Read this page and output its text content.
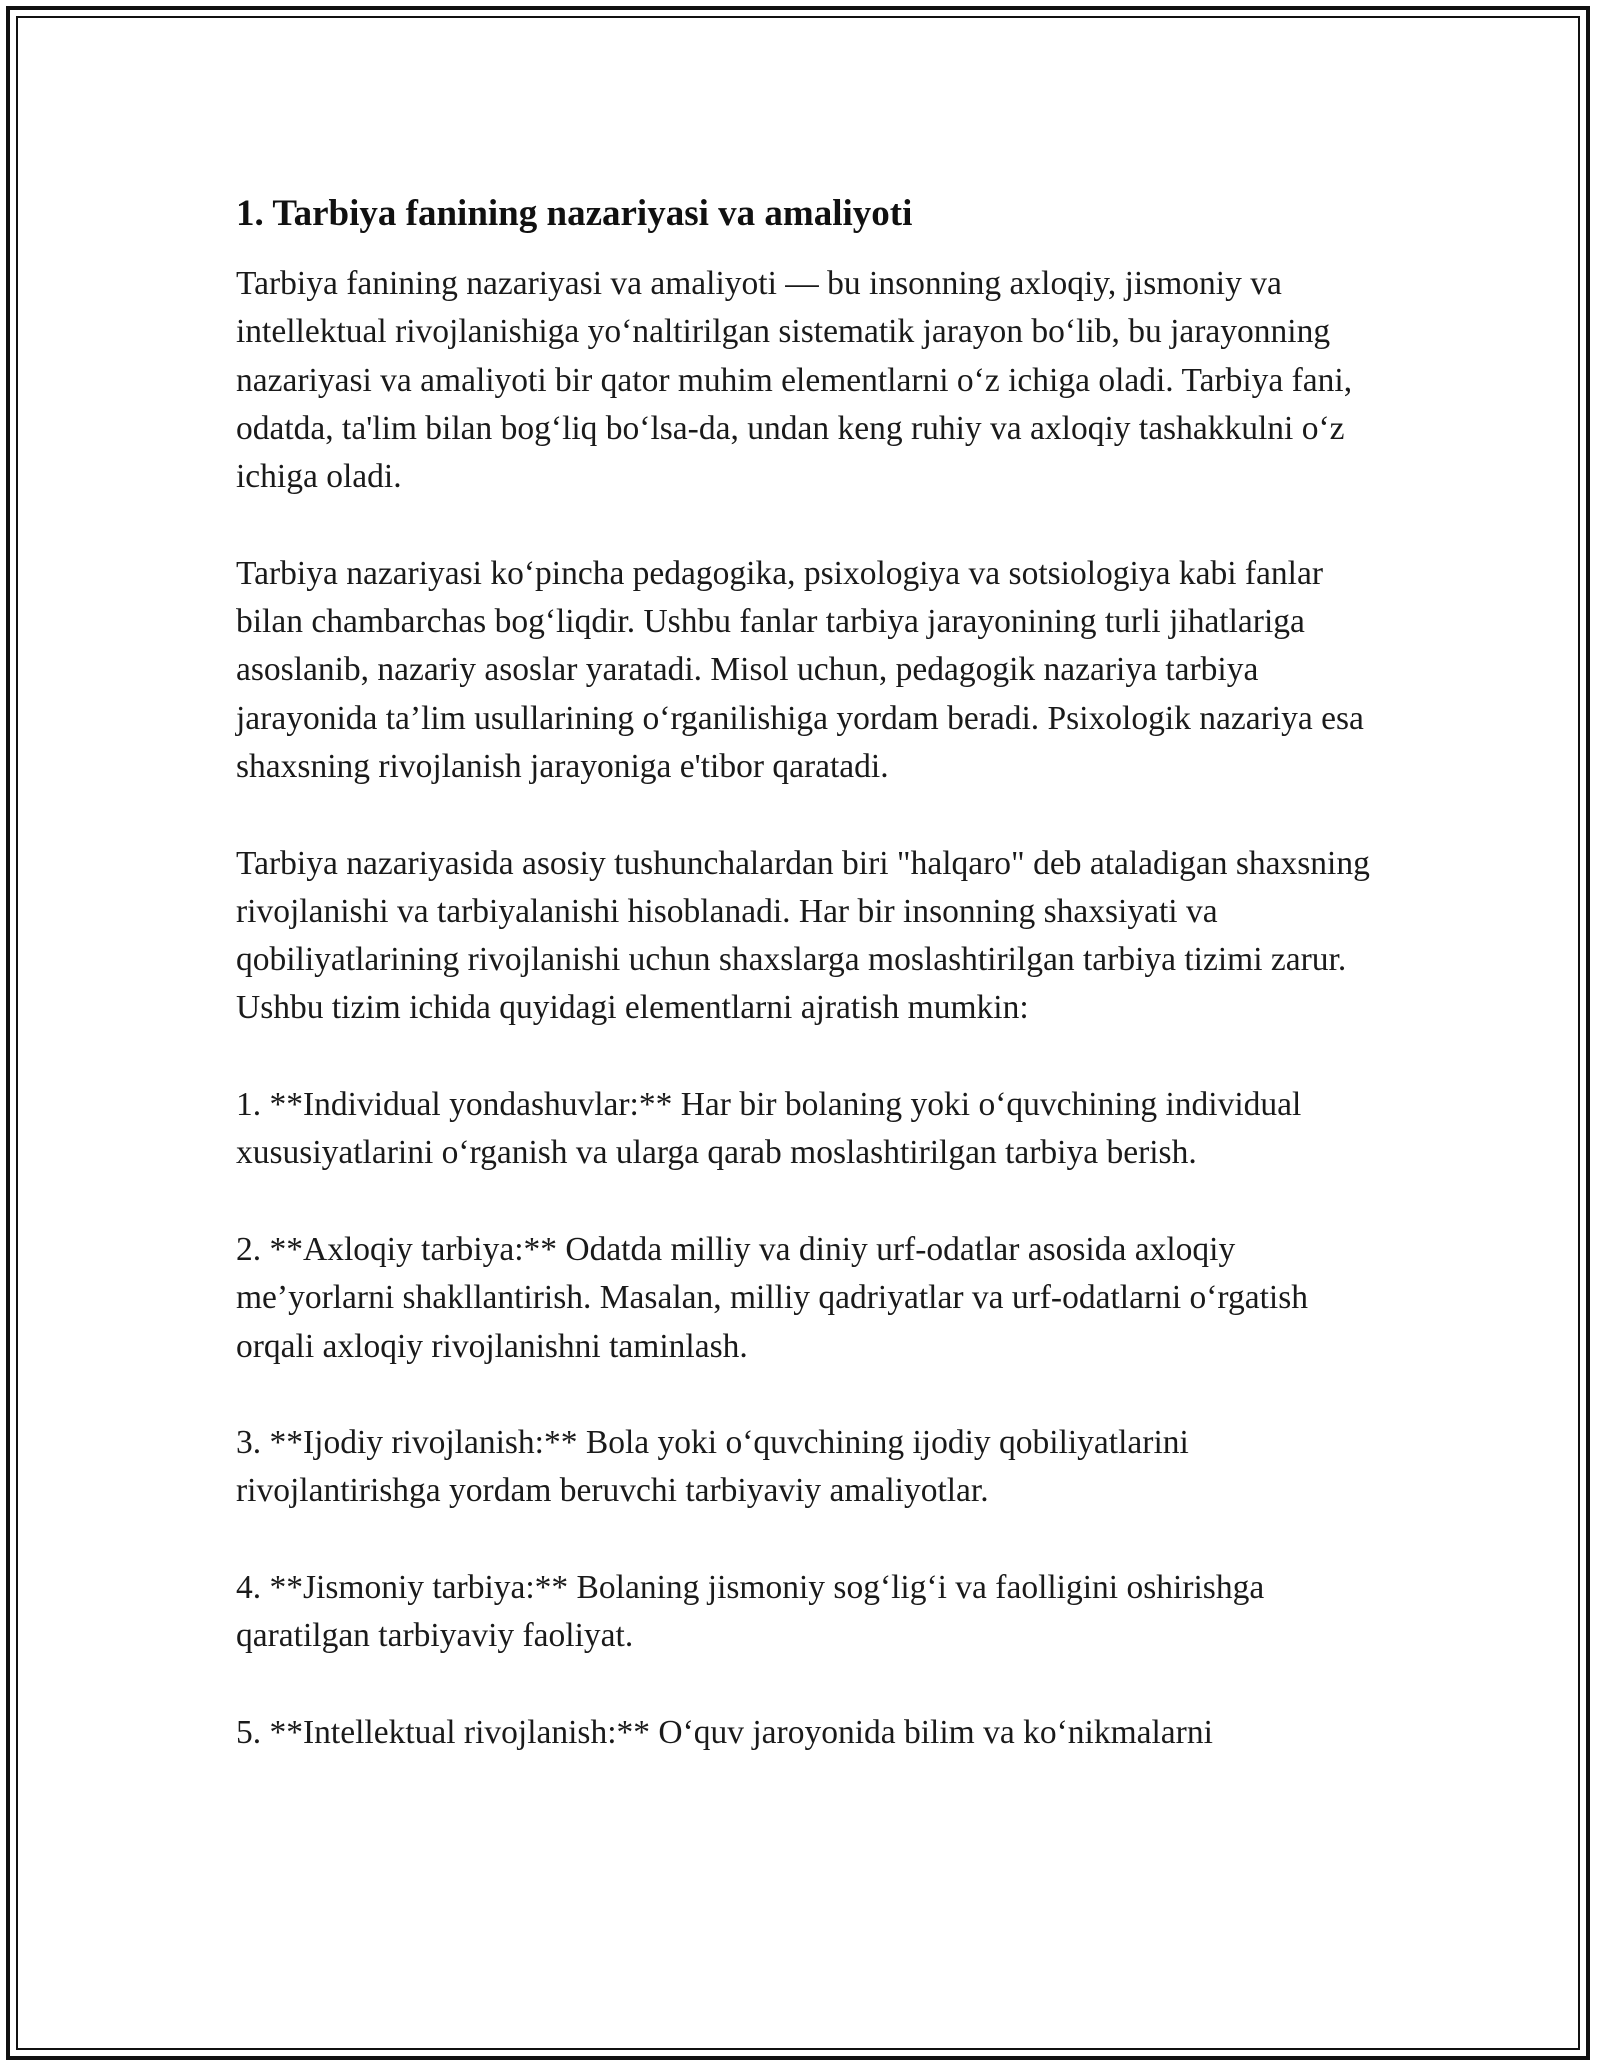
1. Tarbiya fanining nazariyasi va amaliyoti

Tarbiya fanining nazariyasi va amaliyoti — bu insonning axloqiy, jismoniy va intellektual rivojlanishiga yo‘naltirilgan sistematik jarayon bo‘lib, bu jarayonning nazariyasi va amaliyoti bir qator muhim elementlarni o‘z ichiga oladi. Tarbiya fani, odatda, ta'lim bilan bog‘liq bo‘lsa-da, undan keng ruhiy va axloqiy tashakkulni o‘z ichiga oladi.

Tarbiya nazariyasi ko‘pincha pedagogika, psixologiya va sotsiologiya kabi fanlar bilan chambarchas bog‘liqdir. Ushbu fanlar tarbiya jarayonining turli jihatlariga asoslanib, nazariy asoslar yaratadi. Misol uchun, pedagogik nazariya tarbiya jarayonida ta’lim usullarining o‘rganilishiga yordam beradi. Psixologik nazariya esa shaxsning rivojlanish jarayoniga e'tibor qaratadi.

Tarbiya nazariyasida asosiy tushunchalardan biri "halqaro" deb ataladigan shaxsning rivojlanishi va tarbiyalanishi hisoblanadi. Har bir insonning shaxsiyati va qobiliyatlarining rivojlanishi uchun shaxslarga moslashtirilgan tarbiya tizimi zarur. Ushbu tizim ichida quyidagi elementlarni ajratish mumkin:

1. **Individual yondashuvlar:** Har bir bolaning yoki o‘quvchining individual xususiyatlarini o‘rganish va ularga qarab moslashtirilgan tarbiya berish.

2. **Axloqiy tarbiya:** Odatda milliy va diniy urf-odatlar asosida axloqiy me’yorlarni shakllantirish. Masalan, milliy qadriyatlar va urf-odatlarni o‘rgatish orqali axloqiy rivojlanishni taminlash.

3. **Ijodiy rivojlanish:** Bola yoki o‘quvchining ijodiy qobiliyatlarini rivojlantirishga yordam beruvchi tarbiyaviy amaliyotlar.

4. **Jismoniy tarbiya:** Bolaning jismoniy sog‘lig‘i va faolligini oshirishga qaratilgan tarbiyaviy faoliyat.

5. **Intellektual rivojlanish:** O‘quv jaroyonida bilim va ko‘nikmalarni
